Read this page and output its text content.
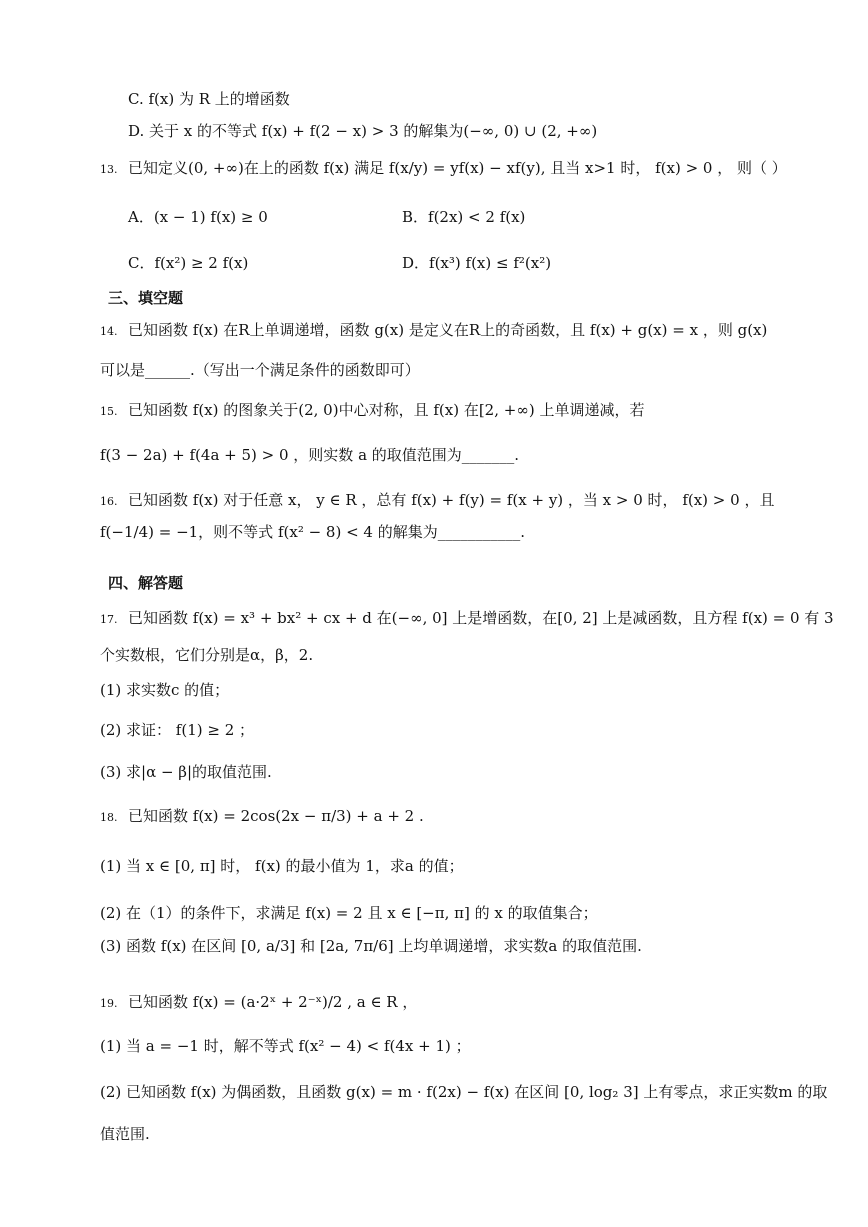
C. f(x) 为 R 上的增函数
D. 关于 x 的不等式 f(x) + f(2 − x) > 3 的解集为(−∞, 0) ∪ (2, +∞)
13. 已知定义(0, +∞)在上的函数 f(x) 满足 f(x/y) = yf(x) − xf(y), 且当 x>1 时， f(x) > 0 ， 则（ ）
A．(x − 1) f(x) ≥ 0	B．f(2x) < 2 f(x)
C．f(x²) ≥ 2 f(x)	D．f(x³) f(x) ≤ f²(x²)
三、填空题
14. 已知函数 f(x) 在R上单调递增，函数 g(x) 是定义在R上的奇函数，且 f(x) + g(x) = x ，则 g(x)
可以是______.（写出一个满足条件的函数即可）
15. 已知函数 f(x) 的图象关于(2, 0)中心对称，且 f(x) 在[2, +∞) 上单调递减，若
f(3 − 2a) + f(4a + 5) > 0 ，则实数 a 的取值范围为_______.
16. 已知函数 f(x) 对于任意 x， y ∈ R ，总有 f(x) + f(y) = f(x + y) ，当 x > 0 时， f(x) > 0 ，且
f(−1/4) = −1，则不等式 f(x² − 8) < 4 的解集为___________.
四、解答题
17. 已知函数 f(x) = x³ + bx² + cx + d 在(−∞, 0] 上是增函数，在[0, 2] 上是减函数，且方程 f(x) = 0 有 3
个实数根，它们分别是α，β，2.
(1) 求实数c 的值；
(2) 求证： f(1) ≥ 2 ；
(3) 求|α − β|的取值范围.
18. 已知函数 f(x) = 2cos(2x − π/3) + a + 2 .
(1) 当 x ∈ [0, π] 时， f(x) 的最小值为 1，求a 的值；
(2) 在（1）的条件下，求满足 f(x) = 2 且 x ∈ [−π, π] 的 x 的取值集合；
(3) 函数 f(x) 在区间 [0, a/3] 和 [2a, 7π/6] 上均单调递增，求实数a 的取值范围.
19. 已知函数 f(x) = (a·2ˣ + 2⁻ˣ)/2 , a ∈ R ，
(1) 当 a = −1 时，解不等式 f(x² − 4) < f(4x + 1) ；
(2) 已知函数 f(x) 为偶函数，且函数 g(x) = m · f(2x) − f(x) 在区间 [0, log₂ 3] 上有零点，求正实数m 的取
值范围.
